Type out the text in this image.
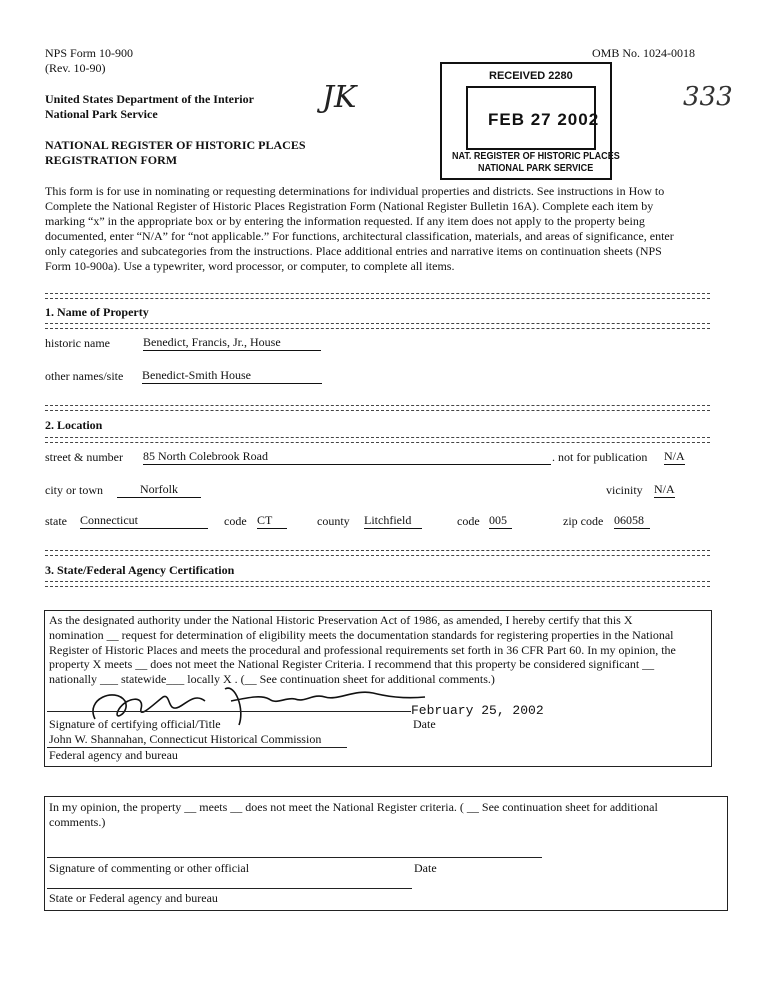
NPS Form 10-900
(Rev. 10-90)
OMB No. 1024-0018
United States Department of the Interior
National Park Service
NATIONAL REGISTER OF HISTORIC PLACES
REGISTRATION FORM
JK
RECEIVED 2280
FEB 27 2002
NAT. REGISTER OF HISTORIC PLACES
NATIONAL PARK SERVICE
333
This form is for use in nominating or requesting determinations for individual properties and districts. See instructions in How to
Complete the National Register of Historic Places Registration Form (National Register Bulletin 16A). Complete each item by
marking “x” in the appropriate box or by entering the information requested. If any item does not apply to the property being
documented, enter “N/A” for “not applicable.” For functions, architectural classification, materials, and areas of significance, enter
only categories and subcategories from the instructions. Place additional entries and narrative items on continuation sheets (NPS
Form 10-900a). Use a typewriter, word processor, or computer, to complete all items.
1. Name of Property
historic name	Benedict, Francis, Jr., House
other names/site Benedict-Smith House
2. Location
street & number 85 North Colebrook Road	. not for publication N/A
city or town	Norfolk	vicinity N/A
state Connecticut	code CT	county Litchfield	code 005	zip code 06058
3. State/Federal Agency Certification
As the designated authority under the National Historic Preservation Act of 1986, as amended, I hereby certify that this X
nomination __ request for determination of eligibility meets the documentation standards for registering properties in the National
Register of Historic Places and meets the procedural and professional requirements set forth in 36 CFR Part 60. In my opinion, the
property X meets __ does not meet the National Register Criteria. I recommend that this property be considered significant __
nationally ___ statewide___ locally X . (__ See continuation sheet for additional comments.)
February 25, 2002
Signature of certifying official/Title	Date
John W. Shannahan, Connecticut Historical Commission
Federal agency and bureau
In my opinion, the property __ meets __ does not meet the National Register criteria. ( __ See continuation sheet for additional
comments.)
Signature of commenting or other official	Date
State or Federal agency and bureau
